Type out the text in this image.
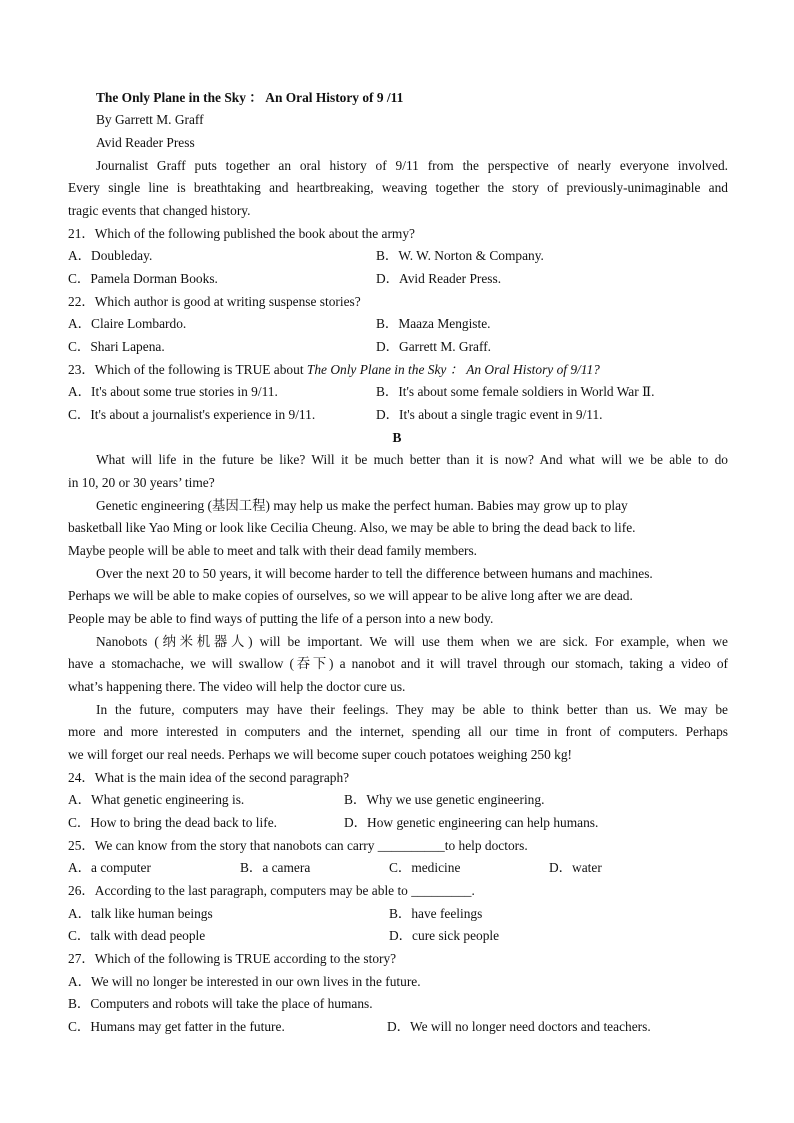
The Only Plane in the Sky ： An Oral History of 9 /11
By Garrett M. Graff
Avid Reader Press
Journalist Graff puts together an oral history of 9/11 from the perspective of nearly everyone involved.
Every single line is breathtaking and heartbreaking, weaving together the story of previously-unimaginable and
tragic events that changed history.
21．Which of the following published the book about the army?
A．Doubleday.	B．W. W. Norton & Company.
C．Pamela Dorman Books.	D．Avid Reader Press.
22．Which author is good at writing suspense stories?
A．Claire Lombardo.	B．Maaza Mengiste.
C．Shari Lapena.	D．Garrett M. Graff.
23．Which of the following is TRUE about The Only Plane in the Sky ： An Oral History of 9/11?
A．It's about some true stories in 9/11.	B．It's about some female soldiers in World War Ⅱ.
C．It's about a journalist's experience in 9/11.	D．It's about a single tragic event in 9/11.
B
What will life in the future be like? Will it be much better than it is now? And what will we be able to do
in 10, 20 or 30 years’ time?
Genetic engineering (基因工程) may help us make the perfect human. Babies may grow up to play
basketball like Yao Ming or look like Cecilia Cheung. Also, we may be able to bring the dead back to life.
Maybe people will be able to meet and talk with their dead family members.
Over the next 20 to 50 years, it will become harder to tell the difference between humans and machines.
Perhaps we will be able to make copies of ourselves, so we will appear to be alive long after we are dead.
People may be able to find ways of putting the life of a person into a new body.
Nanobots (纳米机器人) will be important. We will use them when we are sick. For example, when we
have a stomachache, we will swallow (吞下) a nanobot and it will travel through our stomach, taking a video of
what’s happening there. The video will help the doctor cure us.
In the future, computers may have their feelings. They may be able to think better than us. We may be
more and more interested in computers and the internet, spending all our time in front of computers. Perhaps
we will forget our real needs. Perhaps we will become super couch potatoes weighing 250 kg!
24．What is the main idea of the second paragraph?
A．What genetic engineering is.	B．Why we use genetic engineering.
C．How to bring the dead back to life.	D．How genetic engineering can help humans.
25．We can know from the story that nanobots can carry __________to help doctors.
A．a computer	B．a camera	C．medicine	D．water
26．According to the last paragraph, computers may be able to _________.
A．talk like human beings	B．have feelings
C．talk with dead people	D．cure sick people
27．Which of the following is TRUE according to the story?
A．We will no longer be interested in our own lives in the future.
B．Computers and robots will take the place of humans.
C．Humans may get fatter in the future.	D．We will no longer need doctors and teachers.
